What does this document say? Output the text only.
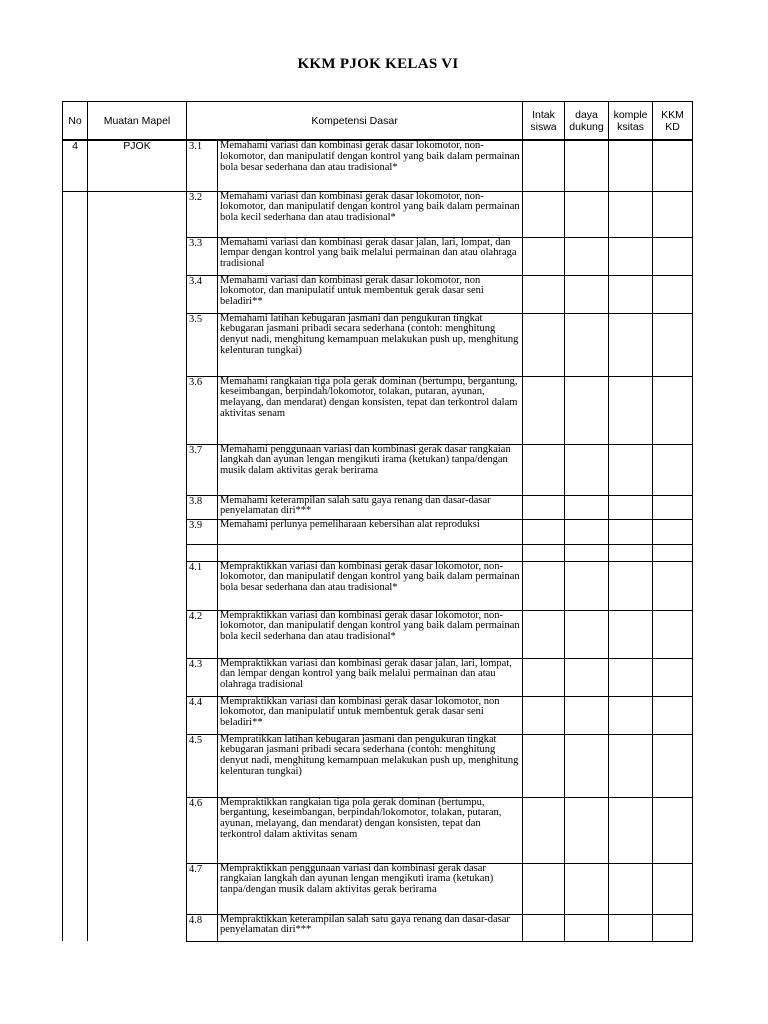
KKM PJOK KELAS VI
No	Muatan Mapel	Kompetensi Dasar		Intak siswa	daya dukung	komple ksitas	KKM KD
4	PJOK	3.1	Memahami variasi dan kombinasi gerak dasar lokomotor, non-lokomotor, dan manipulatif dengan kontrol yang baik dalam permainan bola besar sederhana dan atau tradisional*				
		3.2	Memahami variasi dan kombinasi gerak dasar lokomotor, non-lokomotor, dan manipulatif dengan kontrol yang baik dalam permainan bola kecil sederhana dan atau tradisional*				
		3.3	Memahami variasi dan kombinasi gerak dasar jalan, lari, lompat, dan lempar dengan kontrol yang baik melalui permainan dan atau olahraga tradisional				
		3.4	Memahami variasi dan kombinasi gerak dasar lokomotor, non lokomotor, dan manipulatif untuk membentuk gerak dasar seni beladiri**				
		3.5	Memahami latihan kebugaran jasmani dan pengukuran tingkat kebugaran jasmani pribadi secara sederhana (contoh: menghitung denyut nadi, menghitung kemampuan melakukan push up, menghitung kelenturan tungkai)				
		3.6	Memahami rangkaian tiga pola gerak dominan (bertumpu, bergantung, keseimbangan, berpindah/lokomotor, tolakan, putaran, ayunan, melayang, dan mendarat) dengan konsisten, tepat dan terkontrol dalam aktivitas senam				
		3.7	Memahami penggunaan variasi dan kombinasi gerak dasar rangkaian langkah dan ayunan lengan mengikuti irama (ketukan) tanpa/dengan musik dalam aktivitas gerak berirama				
		3.8	Memahami keterampilan salah satu gaya renang dan dasar-dasar penyelamatan diri***				
		3.9	Memahami perlunya pemeliharaan kebersihan alat reproduksi				

		4.1	Mempraktikkan variasi dan kombinasi gerak dasar lokomotor, non-lokomotor, dan manipulatif dengan kontrol yang baik dalam permainan bola besar sederhana dan atau tradisional*				
		4.2	Mempraktikkan variasi dan kombinasi gerak dasar lokomotor, non-lokomotor, dan manipulatif dengan kontrol yang baik dalam permainan bola kecil sederhana dan atau tradisional*				
		4.3	Mempraktikkan variasi dan kombinasi gerak dasar jalan, lari, lompat, dan lempar dengan kontrol yang baik melalui permainan dan atau olahraga tradisional				
		4.4	Mempraktikkan variasi dan kombinasi gerak dasar lokomotor, non lokomotor, dan manipulatif untuk membentuk gerak dasar seni beladiri**				
		4.5	Mempratikkan latihan kebugaran jasmani dan pengukuran tingkat kebugaran jasmani pribadi secara sederhana (contoh: menghitung denyut nadi, menghitung kemampuan melakukan push up, menghitung kelenturan tungkai)				
		4.6	Mempraktikkan rangkaian tiga pola gerak dominan (bertumpu, bergantung, keseimbangan, berpindah/lokomotor, tolakan, putaran, ayunan, melayang, dan mendarat) dengan konsisten, tepat dan terkontrol dalam aktivitas senam				
		4.7	Mempraktikkan penggunaan variasi dan kombinasi gerak dasar rangkaian langkah dan ayunan lengan mengikuti irama (ketukan) tanpa/dengan musik dalam aktivitas gerak berirama				
		4.8	Mempraktikkan keterampilan salah satu gaya renang dan dasar-dasar penyelamatan diri***				
